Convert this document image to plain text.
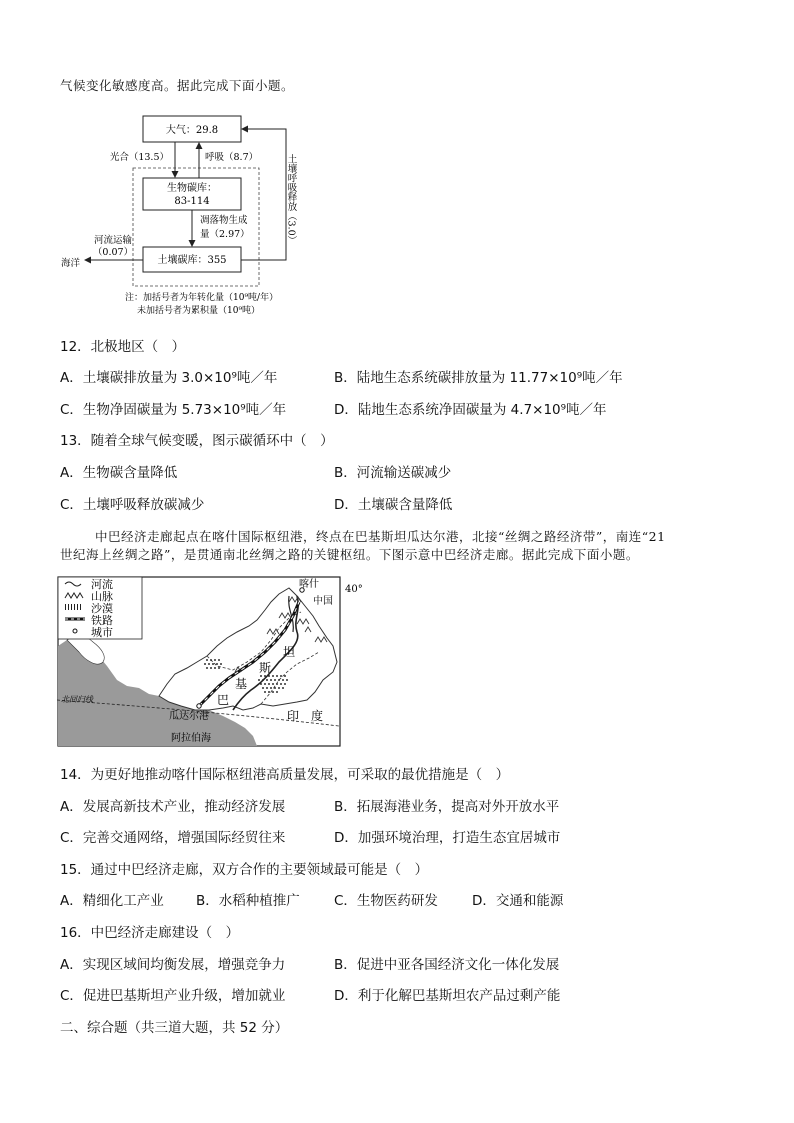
气候变化敏感度高。据此完成下面小题。
大气：29.8
生物碳库：
83-114
土壤碳库：355
光合（13.5）	呼吸（8.7）
凋落物生成
量（2.97）	土壤呼吸释放（3.0）
河流运输
（0.07）
海洋
注：加括号者为年转化量（10⁹吨/年）
未加括号者为累积量（10⁹吨）
12．北极地区（　）
A．土壤碳排放量为 3.0×10⁹吨／年	B．陆地生态系统碳排放量为 11.77×10⁹吨／年
C．生物净固碳量为 5.73×10⁹吨／年	D．陆地生态系统净固碳量为 4.7×10⁹吨／年
13．随着全球气候变暖，图示碳循环中（　）
A．生物碳含量降低	B．河流输送碳减少
C．土壤呼吸释放碳减少	D．土壤碳含量降低
中巴经济走廊起点在喀什国际枢纽港，终点在巴基斯坦瓜达尔港，北接“丝绸之路经济带”，南连“21
世纪海上丝绸之路”，是贯通南北丝绸之路的关键枢纽。下图示意中巴经济走廊。据此完成下面小题。
河流
山脉
沙漠
铁路
城市
喀什
中国
40°
巴
基
斯
坦
印　度
瓜达尔港
阿拉伯海
北回归线
14．为更好地推动喀什国际枢纽港高质量发展，可采取的最优措施是（　）
A．发展高新技术产业，推动经济发展	B．拓展海港业务，提高对外开放水平
C．完善交通网络，增强国际经贸往来	D．加强环境治理，打造生态宜居城市
15．通过中巴经济走廊，双方合作的主要领域最可能是（　）
A．精细化工产业 B．水稻种植推广	C．生物医药研发	D．交通和能源
16．中巴经济走廊建设（　）
A．实现区域间均衡发展，增强竞争力	B．促进中亚各国经济文化一体化发展
C．促进巴基斯坦产业升级，增加就业	D．利于化解巴基斯坦农产品过剩产能
二、综合题（共三道大题，共 52 分）
